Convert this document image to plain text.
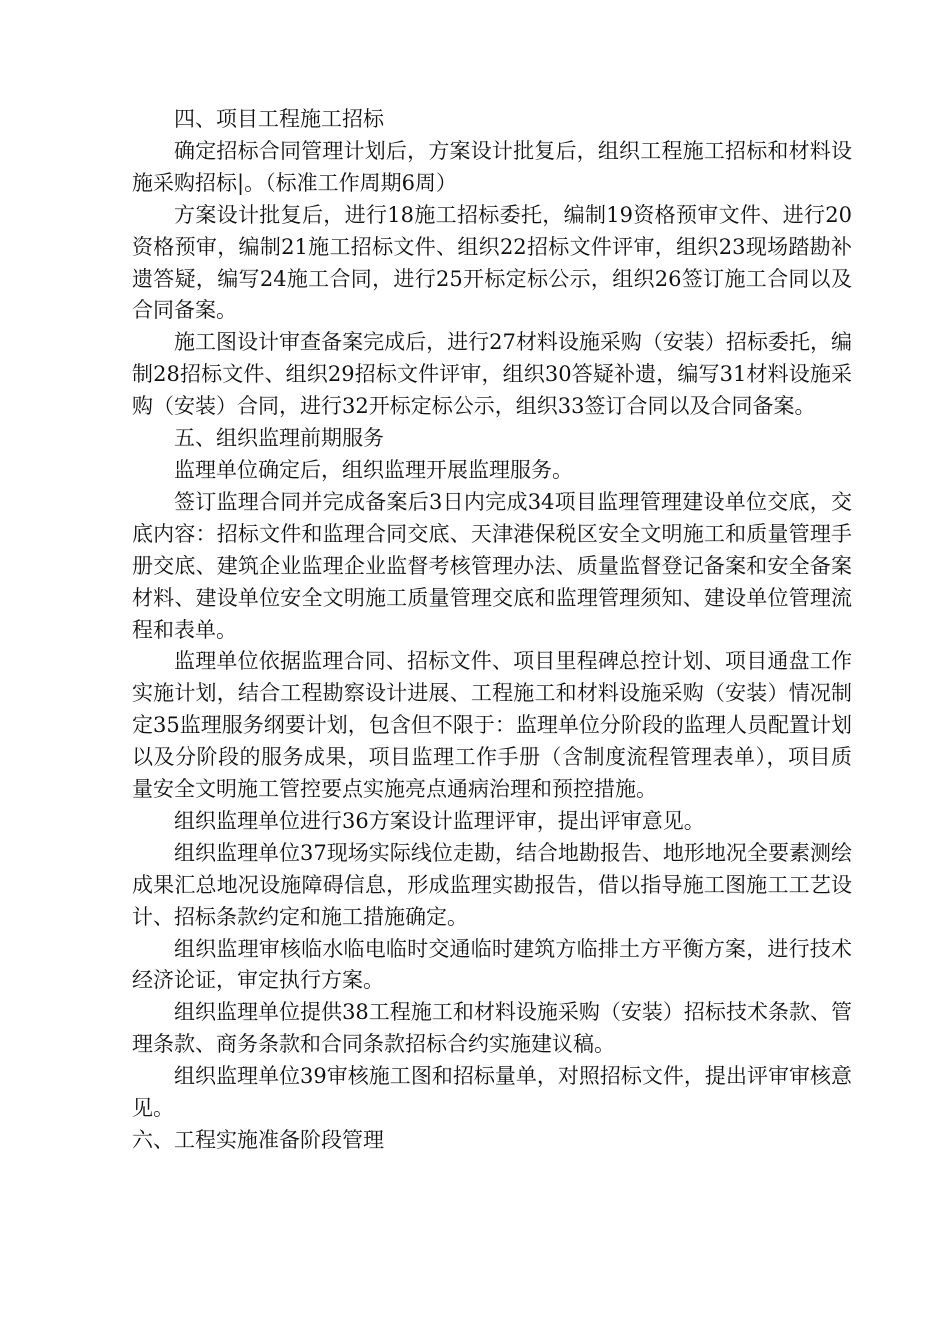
四、项目工程施工招标

确定招标合同管理计划后，方案设计批复后，组织工程施工招标和材料设施采购招标|。（标准工作周期6周）

方案设计批复后，进行18施工招标委托，编制19资格预审文件、进行20资格预审，编制21施工招标文件、组织22招标文件评审，组织23现场踏勘补遗答疑，编写24施工合同，进行25开标定标公示，组织26签订施工合同以及合同备案。

施工图设计审查备案完成后，进行27材料设施采购（安装）招标委托，编制28招标文件、组织29招标文件评审，组织30答疑补遗，编写31材料设施采购（安装）合同，进行32开标定标公示，组织33签订合同以及合同备案。

五、组织监理前期服务

监理单位确定后，组织监理开展监理服务。

签订监理合同并完成备案后3日内完成34项目监理管理建设单位交底，交底内容：招标文件和监理合同交底、天津港保税区安全文明施工和质量管理手册交底、建筑企业监理企业监督考核管理办法、质量监督登记备案和安全备案材料、建设单位安全文明施工质量管理交底和监理管理须知、建设单位管理流程和表单。

监理单位依据监理合同、招标文件、项目里程碑总控计划、项目通盘工作实施计划，结合工程勘察设计进展、工程施工和材料设施采购（安装）情况制定35监理服务纲要计划，包含但不限于：监理单位分阶段的监理人员配置计划以及分阶段的服务成果，项目监理工作手册（含制度流程管理表单），项目质量安全文明施工管控要点实施亮点通病治理和预控措施。

组织监理单位进行36方案设计监理评审，提出评审意见。

组织监理单位37现场实际线位走勘，结合地勘报告、地形地况全要素测绘成果汇总地况设施障碍信息，形成监理实勘报告，借以指导施工图施工工艺设计、招标条款约定和施工措施确定。

组织监理审核临水临电临时交通临时建筑方临排土方平衡方案，进行技术经济论证，审定执行方案。

组织监理单位提供38工程施工和材料设施采购（安装）招标技术条款、管理条款、商务条款和合同条款招标合约实施建议稿。

组织监理单位39审核施工图和招标量单，对照招标文件，提出评审审核意见。

六、工程实施准备阶段管理
